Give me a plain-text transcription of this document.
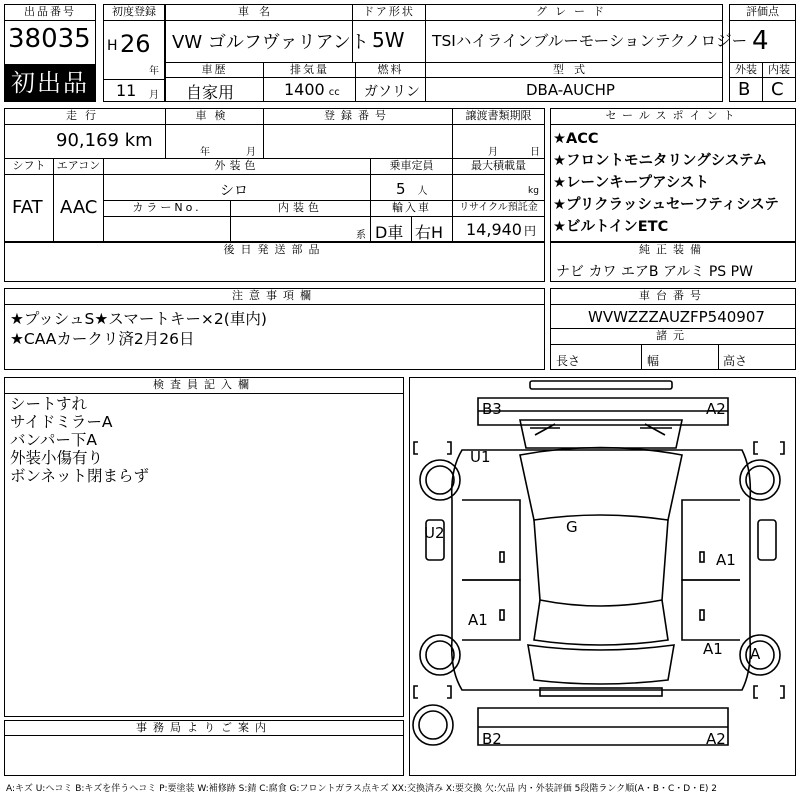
出品番号
38035
初出品
初度登録
H 26
年
11 月
車名
VW ゴルフヴァリアント
ドア形状
5W
グレード
TSIハイラインブルーモーションテクノロジー
車歴
自家用
排気量
1400 cc
燃料
ガソリン
型式
DBA-AUCHP
評価点
4
外装	内装
B C
走行
90,169 km
車検
年	月
登録番号	譲渡書類期限
月	日
シフト
FAT
エアコン
AAC
外装色
シロ
乗車定員
5 人
最大積載量
kg
カラーNo.	内装色
系
輸入車
D車 右H
リサイクル預託金
14,940 円
後日発送部品
セールスポイント
★ACC
★フロントモニタリングシステム
★レーンキープアシスト
★プリクラッシュセーフティシステ
★ビルトインETC
純正装備
ナビ カワ エアB アルミ PS PW
注意事項欄
★プッシュS★スマートキー×2(車内)
★CAAカークリ済2月26日
車台番号
WVWZZZAUZFP540907
諸元
長さ	幅	高さ
検査員記入欄
シートすれ
サイドミラーA
バンパー下A
外装小傷有り
ボンネット閉まらず
事務局よりご案内
B3	A2
U1
U2	G
A1
A1
A1 A
B2	A2
A:キズ U:ヘコミ B:キズを伴うヘコミ P:要塗装 W:補修跡 S:錆 C:腐食 G:フロントガラス点キズ XX:交換済み X:要交換 欠:欠品 内・外装評価 5段階ランク順(A・B・C・D・E) 2
